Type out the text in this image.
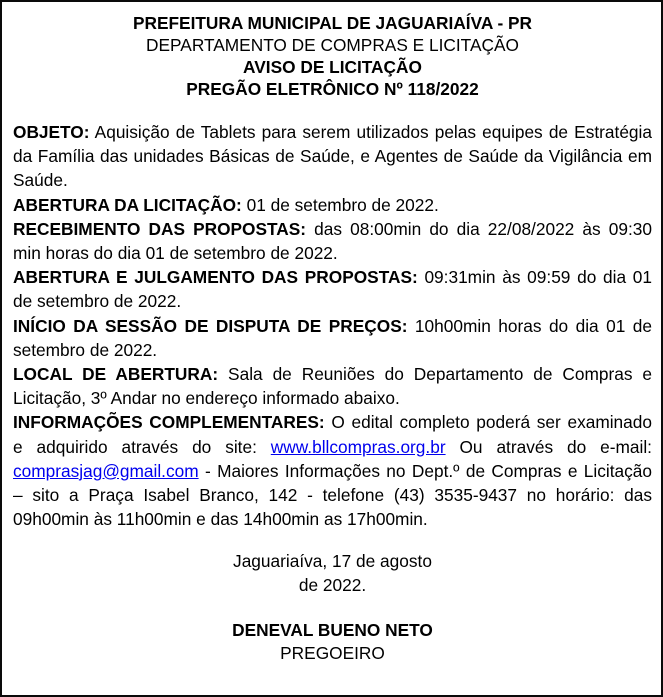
PREFEITURA MUNICIPAL DE JAGUARIAÍVA - PR
DEPARTAMENTO DE COMPRAS E LICITAÇÃO
AVISO DE LICITAÇÃO
PREGÃO ELETRÔNICO Nº 118/2022

OBJETO: Aquisição de Tablets para serem utilizados pelas equipes de Estratégia da Família das unidades Básicas de Saúde, e Agentes de Saúde da Vigilância em Saúde.

ABERTURA DA LICITAÇÃO: 01 de setembro de 2022.

RECEBIMENTO DAS PROPOSTAS: das 08:00min do dia 22/08/2022 às 09:30 min horas do dia 01 de setembro de 2022.

ABERTURA E JULGAMENTO DAS PROPOSTAS: 09:31min às 09:59 do dia 01 de setembro de 2022.

INÍCIO DA SESSÃO DE DISPUTA DE PREÇOS: 10h00min horas do dia 01 de setembro de 2022.

LOCAL DE ABERTURA: Sala de Reuniões do Departamento de Compras e Licitação, 3º Andar no endereço informado abaixo.

INFORMAÇÕES COMPLEMENTARES: O edital completo poderá ser examinado e adquirido através do site: www.bllcompras.org.br Ou através do e-mail: comprasjag@gmail.com - Maiores Informações no Dept.º de Compras e Licitação – sito a Praça Isabel Branco, 142 - telefone (43) 3535-9437 no horário: das 09h00min às 11h00min e das 14h00min as 17h00min.

Jaguariaíva, 17 de agosto
de 2022.
DENEVAL BUENO NETO
PREGOEIRO
